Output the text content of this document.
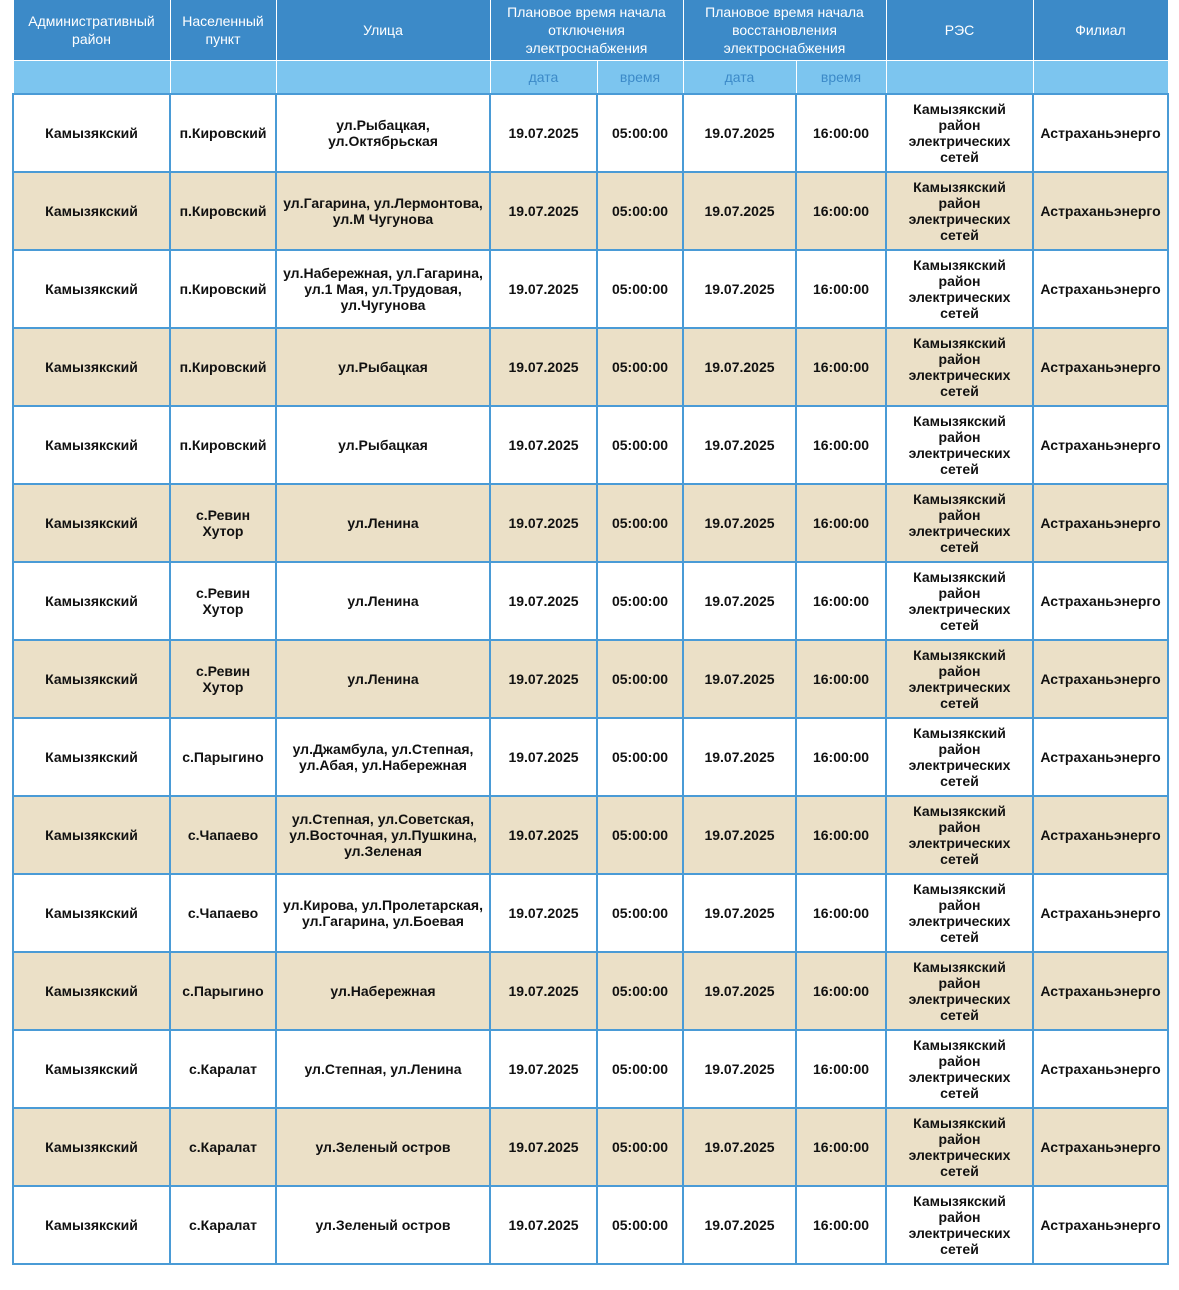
Административный район	Населенный пункт	Улица	Плановое время начала отключения электроснабжения		Плановое время начала восстановления электроснабжения		РЭС	Филиал
			дата	время	дата	время		
Камызякский	п.Кировский	ул.Рыбацкая, ул.Октябрьская	19.07.2025	05:00:00	19.07.2025	16:00:00	Камызякский район электрических сетей	Астраханьэнерго
Камызякский	п.Кировский	ул.Гагарина, ул.Лермонтова, ул.М Чугунова	19.07.2025	05:00:00	19.07.2025	16:00:00	Камызякский район электрических сетей	Астраханьэнерго
Камызякский	п.Кировский	ул.Набережная, ул.Гагарина, ул.1 Мая, ул.Трудовая, ул.Чугунова	19.07.2025	05:00:00	19.07.2025	16:00:00	Камызякский район электрических сетей	Астраханьэнерго
Камызякский	п.Кировский	ул.Рыбацкая	19.07.2025	05:00:00	19.07.2025	16:00:00	Камызякский район электрических сетей	Астраханьэнерго
Камызякский	п.Кировский	ул.Рыбацкая	19.07.2025	05:00:00	19.07.2025	16:00:00	Камызякский район электрических сетей	Астраханьэнерго
Камызякский	с.Ревин Хутор	ул.Ленина	19.07.2025	05:00:00	19.07.2025	16:00:00	Камызякский район электрических сетей	Астраханьэнерго
Камызякский	с.Ревин Хутор	ул.Ленина	19.07.2025	05:00:00	19.07.2025	16:00:00	Камызякский район электрических сетей	Астраханьэнерго
Камызякский	с.Ревин Хутор	ул.Ленина	19.07.2025	05:00:00	19.07.2025	16:00:00	Камызякский район электрических сетей	Астраханьэнерго
Камызякский	с.Парыгино	ул.Джамбула, ул.Степная, ул.Абая, ул.Набережная	19.07.2025	05:00:00	19.07.2025	16:00:00	Камызякский район электрических сетей	Астраханьэнерго
Камызякский	с.Чапаево	ул.Степная, ул.Советская, ул.Восточная, ул.Пушкина, ул.Зеленая	19.07.2025	05:00:00	19.07.2025	16:00:00	Камызякский район электрических сетей	Астраханьэнерго
Камызякский	с.Чапаево	ул.Кирова, ул.Пролетарская, ул.Гагарина, ул.Боевая	19.07.2025	05:00:00	19.07.2025	16:00:00	Камызякский район электрических сетей	Астраханьэнерго
Камызякский	с.Парыгино	ул.Набережная	19.07.2025	05:00:00	19.07.2025	16:00:00	Камызякский район электрических сетей	Астраханьэнерго
Камызякский	с.Каралат	ул.Степная, ул.Ленина	19.07.2025	05:00:00	19.07.2025	16:00:00	Камызякский район электрических сетей	Астраханьэнерго
Камызякский	с.Каралат	ул.Зеленый остров	19.07.2025	05:00:00	19.07.2025	16:00:00	Камызякский район электрических сетей	Астраханьэнерго
Камызякский	с.Каралат	ул.Зеленый остров	19.07.2025	05:00:00	19.07.2025	16:00:00	Камызякский район электрических сетей	Астраханьэнерго
